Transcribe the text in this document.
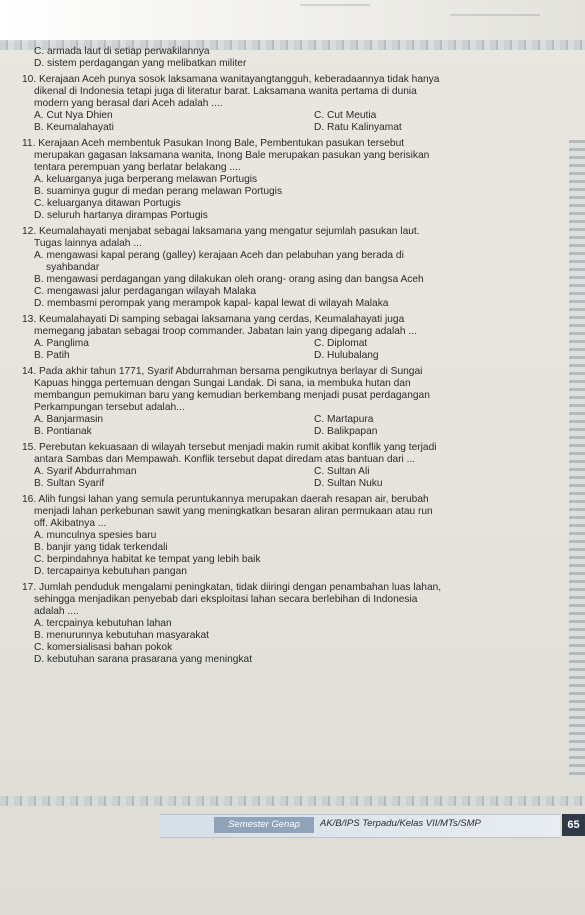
C. armada laut di setiap perwakilannya
D. sistem perdagangan yang melibatkan militer
10. Kerajaan Aceh punya sosok laksamana wanitayangtangguh, keberadaannya tidak hanya
dikenal di Indonesia tetapi juga di literatur barat. Laksamana wanita pertama di dunia
modern yang berasal dari Aceh adalah ....
A. Cut Nya Dhien	C. Cut Meutia
B. Keumalahayati	D. Ratu Kalinyamat
11. Kerajaan Aceh membentuk Pasukan Inong Bale, Pembentukan pasukan tersebut
merupakan gagasan laksamana wanita, Inong Bale merupakan pasukan yang berisikan
tentara perempuan yang berlatar belakang ....
A. keluarganya juga berperang melawan Portugis
B. suaminya gugur di medan perang melawan Portugis
C. keluarganya ditawan Portugis
D. seluruh hartanya dirampas Portugis
12. Keumalahayati menjabat sebagai laksamana yang mengatur sejumlah pasukan laut.
Tugas lainnya adalah ...
A. mengawasi kapal perang (galley) kerajaan Aceh dan pelabuhan yang berada di
syahbandar
B. mengawasi perdagangan yang dilakukan oleh orang- orang asing dan bangsa Aceh
C. mengawasi jalur perdagangan wilayah Malaka
D. membasmi perompak yang merampok kapal- kapal lewat di wilayah Malaka
13. Keumalahayati Di samping sebagai laksamana yang cerdas, Keumalahayati juga
memegang jabatan sebagai troop commander. Jabatan lain yang dipegang adalah ...
A. Panglima	C. Diplomat
B. Patih	D. Hulubalang
14. Pada akhir tahun 1771, Syarif Abdurrahman bersama pengikutnya berlayar di Sungai
Kapuas hingga pertemuan dengan Sungai Landak. Di sana, ia membuka hutan dan
membangun pemukiman baru yang kemudian berkembang menjadi pusat perdagangan
Perkampungan tersebut adalah...
A. Banjarmasin	C. Martapura
B. Pontianak	D. Balikpapan
15. Perebutan kekuasaan di wilayah tersebut menjadi makin rumit akibat konflik yang terjadi
antara Sambas dan Mempawah. Konflik tersebut dapat diredam atas bantuan dari ...
A. Syarif Abdurrahman	C. Sultan Ali
B. Sultan Syarif	D. Sultan Nuku
16. Alih fungsi lahan yang semula peruntukannya merupakan daerah resapan air, berubah
menjadi lahan perkebunan sawit yang meningkatkan besaran aliran permukaan atau run
off. Akibatnya ...
A. munculnya spesies baru
B. banjir yang tidak terkendali
C. berpindahnya habitat ke tempat yang lebih baik
D. tercapainya kebutuhan pangan
17. Jumlah penduduk mengalami peningkatan, tidak diiringi dengan penambahan luas lahan,
sehingga menjadikan penyebab dari eksploitasi lahan secara berlebihan di Indonesia
adalah ....
A. tercpainya kebutuhan lahan
B. menurunnya kebutuhan masyarakat
C. komersialisasi bahan pokok
D. kebutuhan sarana prasarana yang meningkat
Semester Genap	AK/B/IPS Terpadu/Kelas VII/MTs/SMP	65
